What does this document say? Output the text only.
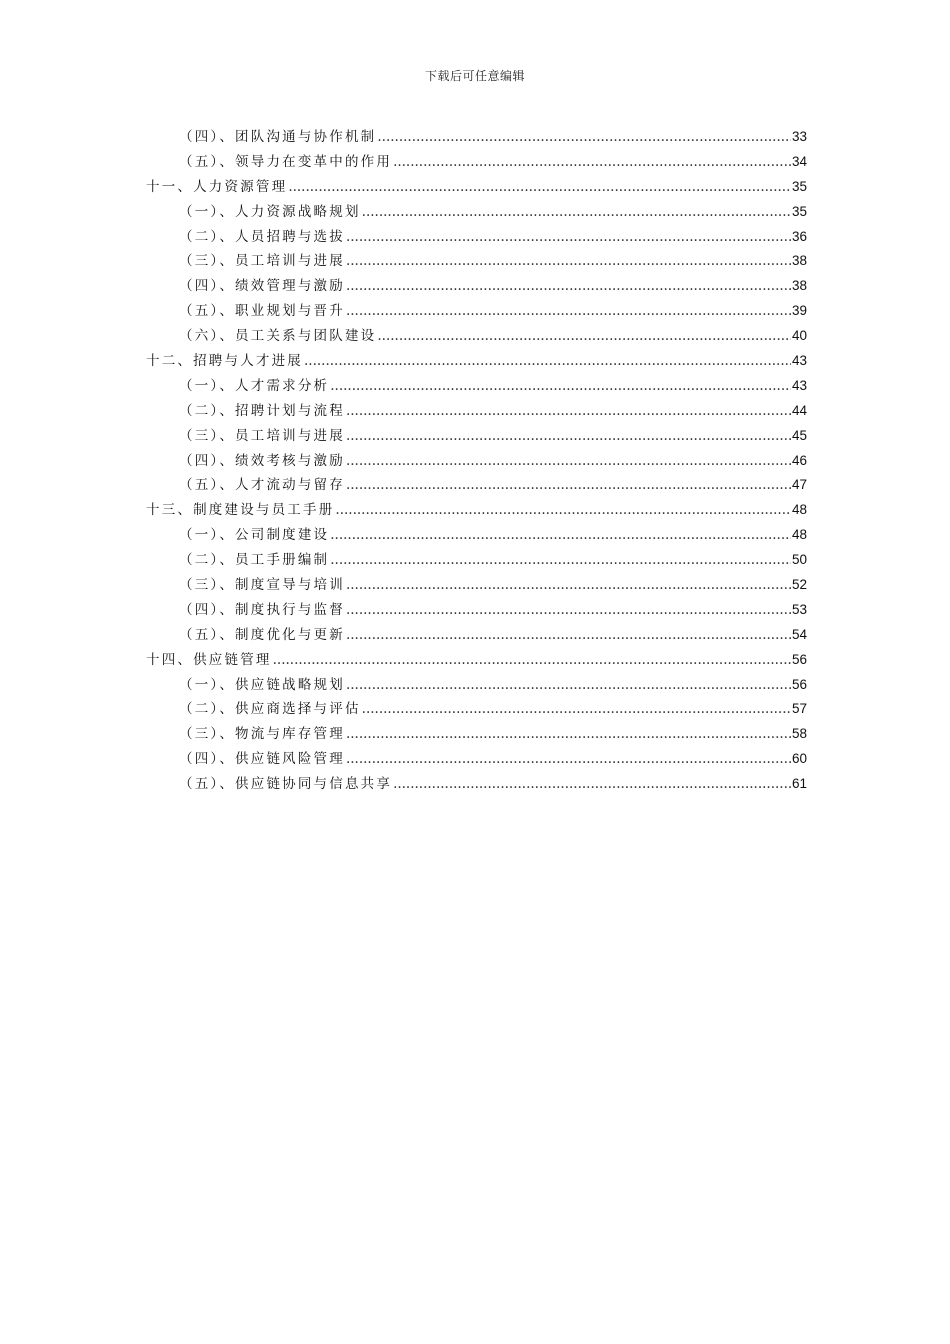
下载后可任意编辑
（四）、团队沟通与协作机制 .....	33
（五）、领导力在变革中的作用 .....	34
十一、人力资源管理 .....	35
（一）、人力资源战略规划 .....	35
（二）、人员招聘与选拔 .....	36
（三）、员工培训与进展 .....	38
（四）、绩效管理与激励 .....	38
（五）、职业规划与晋升 .....	39
（六）、员工关系与团队建设 .....	40
十二、招聘与人才进展 .....	43
（一）、人才需求分析 .....	43
（二）、招聘计划与流程 .....	44
（三）、员工培训与进展 .....	45
（四）、绩效考核与激励 .....	46
（五）、人才流动与留存 .....	47
十三、制度建设与员工手册 .....	48
（一）、公司制度建设 .....	48
（二）、员工手册编制 .....	50
（三）、制度宣导与培训 .....	52
（四）、制度执行与监督 .....	53
（五）、制度优化与更新 .....	54
十四、供应链管理 .....	56
（一）、供应链战略规划 .....	56
（二）、供应商选择与评估 .....	57
（三）、物流与库存管理 .....	58
（四）、供应链风险管理 .....	60
（五）、供应链协同与信息共享 .....	61
